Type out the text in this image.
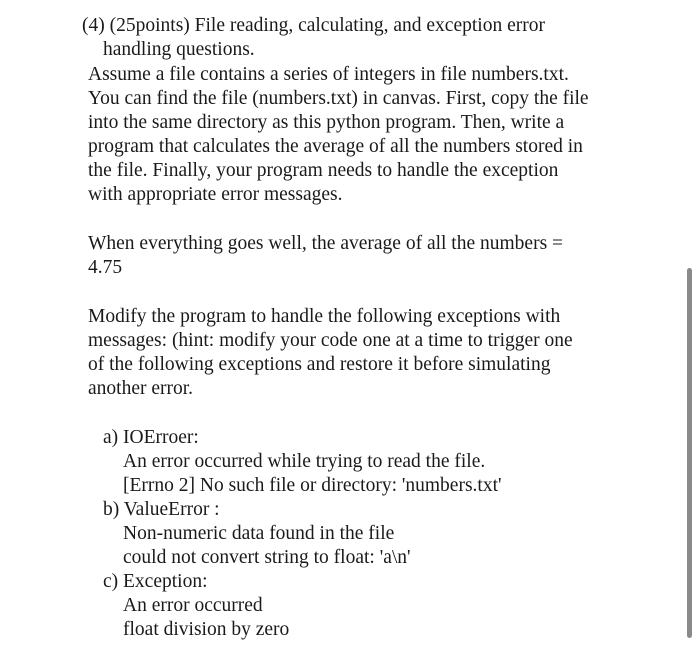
(4) (25points) File reading, calculating, and exception error
handling questions.
Assume a file contains a series of integers in file numbers.txt.
You can find the file (numbers.txt) in canvas. First, copy the file
into the same directory as this python program. Then, write a
program that calculates the average of all the numbers stored in
the file. Finally, your program needs to handle the exception
with appropriate error messages.
When everything goes well, the average of all the numbers =
4.75
Modify the program to handle the following exceptions with
messages: (hint: modify your code one at a time to trigger one
of the following exceptions and restore it before simulating
another error.
a) IOErroer:
An error occurred while trying to read the file.
[Errno 2] No such file or directory: 'numbers.txt'
b) ValueError :
Non-numeric data found in the file
could not convert string to float: 'a\n'
c) Exception:
An error occurred
float division by zero
